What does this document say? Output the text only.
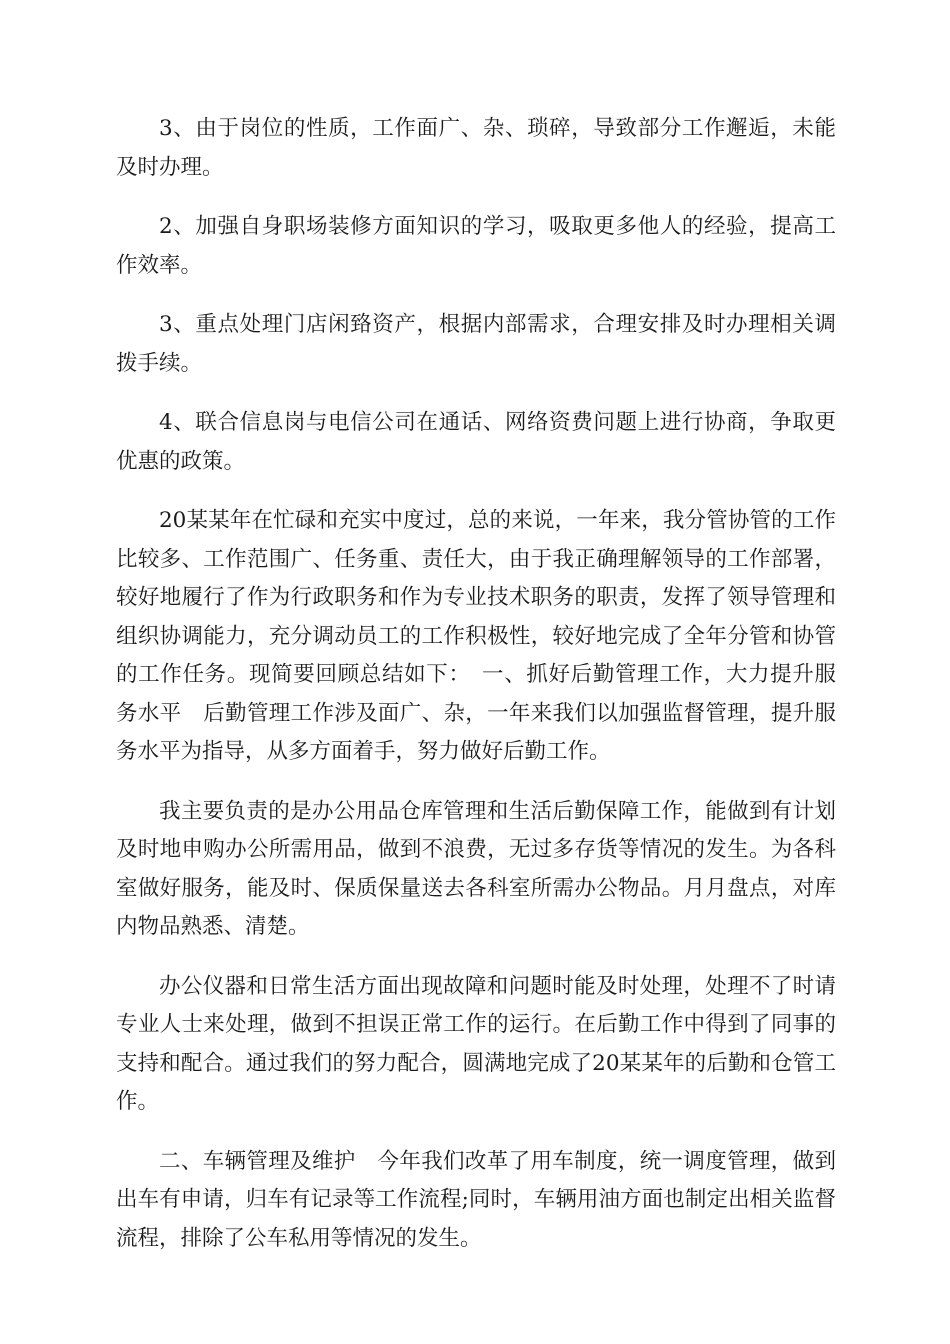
3、由于岗位的性质，工作面广、杂、琐碎，导致部分工作邂逅，未能及时办理。

2、加强自身职场装修方面知识的学习，吸取更多他人的经验，提高工作效率。

3、重点处理门店闲臵资产，根据内部需求，合理安排及时办理相关调拨手续。

4、联合信息岗与电信公司在通话、网络资费问题上进行协商，争取更优惠的政策。

20某某年在忙碌和充实中度过，总的来说，一年来，我分管协管的工作比较多、工作范围广、任务重、责任大，由于我正确理解领导的工作部署，较好地履行了作为行政职务和作为专业技术职务的职责，发挥了领导管理和组织协调能力，充分调动员工的工作积极性，较好地完成了全年分管和协管的工作任务。现简要回顾总结如下：　一、抓好后勤管理工作，大力提升服务水平　后勤管理工作涉及面广、杂，一年来我们以加强监督管理，提升服务水平为指导，从多方面着手，努力做好后勤工作。

我主要负责的是办公用品仓库管理和生活后勤保障工作，能做到有计划及时地申购办公所需用品，做到不浪费，无过多存货等情况的发生。为各科室做好服务，能及时、保质保量送去各科室所需办公物品。月月盘点，对库内物品熟悉、清楚。

办公仪器和日常生活方面出现故障和问题时能及时处理，处理不了时请专业人士来处理，做到不担误正常工作的运行。在后勤工作中得到了同事的支持和配合。通过我们的努力配合，圆满地完成了20某某年的后勤和仓管工作。

二、车辆管理及维护　今年我们改革了用车制度，统一调度管理，做到出车有申请，归车有记录等工作流程;同时，车辆用油方面也制定出相关监督流程，排除了公车私用等情况的发生。
